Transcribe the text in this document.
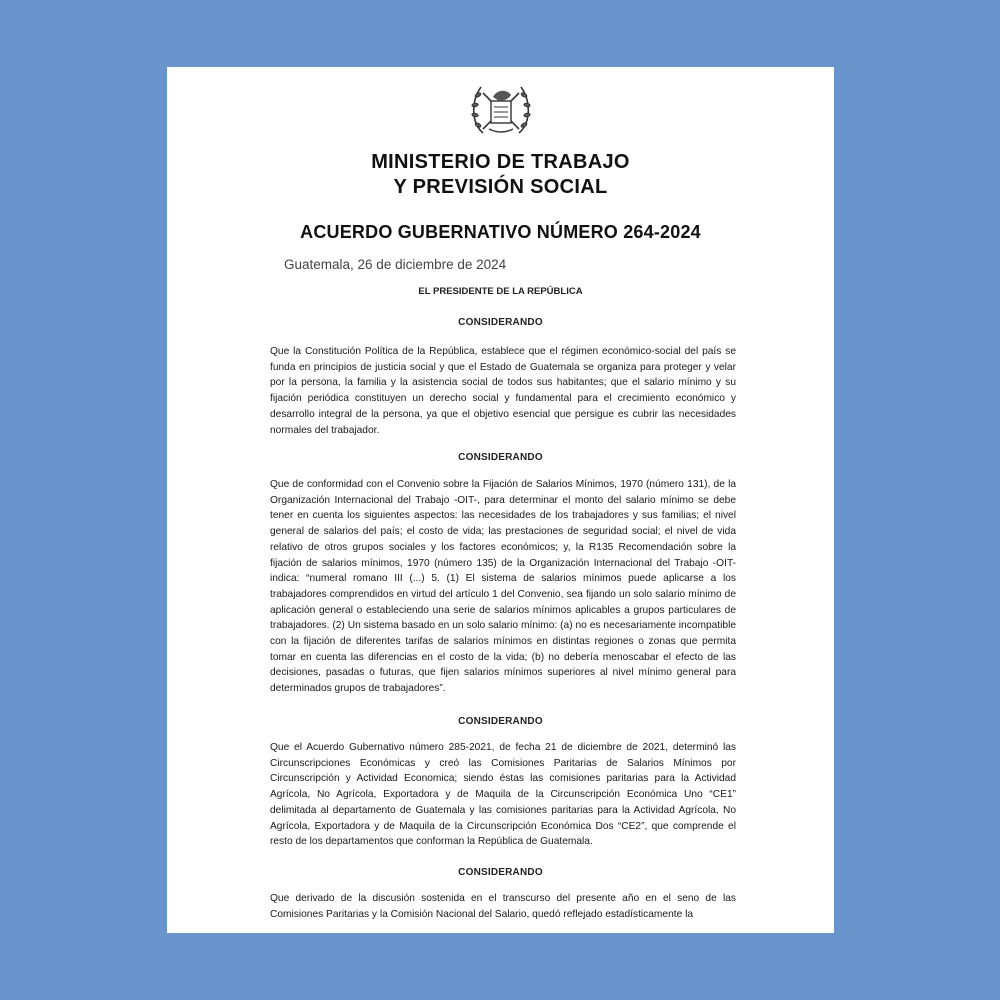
MINISTERIO DE TRABAJO
Y PREVISIÓN SOCIAL
ACUERDO GUBERNATIVO NÚMERO 264-2024
Guatemala, 26 de diciembre de 2024
EL PRESIDENTE DE LA REPÚBLICA
CONSIDERANDO

Que la Constitución Política de la República, establece que el régimen económico-social del país se funda en principios de justicia social y que el Estado de Guatemala se organiza para proteger y velar por la persona, la familia y la asistencia social de todos sus habitantes; que el salario mínimo y su fijación periódica constituyen un derecho social y fundamental para el crecimiento económico y desarrollo integral de la persona, ya que el objetivo esencial que persigue es cubrir las necesidades normales del trabajador.

CONSIDERANDO

Que de conformidad con el Convenio sobre la Fijación de Salarios Mínimos, 1970 (número 131), de la Organización Internacional del Trabajo -OIT-, para determinar el monto del salario mínimo se debe tener en cuenta los siguientes aspectos: las necesidades de los trabajadores y sus familias; el nivel general de salarios del país; el costo de vida; las prestaciones de seguridad social; el nivel de vida relativo de otros grupos sociales y los factores económicos; y, la R135 Recomendación sobre la fijación de salarios mínimos, 1970 (número 135) de la Organización Internacional del Trabajo -OIT- indica: “numeral romano III (...) 5. (1) El sistema de salarios mínimos puede aplicarse a los trabajadores comprendidos en virtud del artículo 1 del Convenio, sea fijando un solo salario mínimo de aplicación general o estableciendo una serie de salarios mínimos aplicables a grupos particulares de trabajadores. (2) Un sistema basado en un solo salario mínimo: (a) no es necesariamente incompatible con la fijación de diferentes tarifas de salarios mínimos en distintas regiones o zonas que permita tomar en cuenta las diferencias en el costo de la vida; (b) no debería menoscabar el efecto de las decisiones, pasadas o futuras, que fijen salarios mínimos superiores al nivel mínimo general para determinados grupos de trabajadores”.

CONSIDERANDO

Que el Acuerdo Gubernativo número 285-2021, de fecha 21 de diciembre de 2021, determinó las Circunscripciones Económicas y creó las Comisiones Paritarias de Salarios Mínimos por Circunscripción y Actividad Economica; siendo éstas las comisiones paritarias para la Actividad Agrícola, No Agrícola, Exportadora y de Maquila de la Circunscripción Económica Uno “CE1” delimitada al departamento de Guatemala y las comisiones paritarias para la Actividad Agrícola, No Agrícola, Exportadora y de Maquila de la Circunscripción Económica Dos “CE2”, que comprende el resto de los departamentos que conforman la República de Guatemala.

CONSIDERANDO

Que derivado de la discusión sostenida en el transcurso del presente año en el seno de las Comisiones Paritarias y la Comisión Nacional del Salario, quedó reflejado estadísticamente la
